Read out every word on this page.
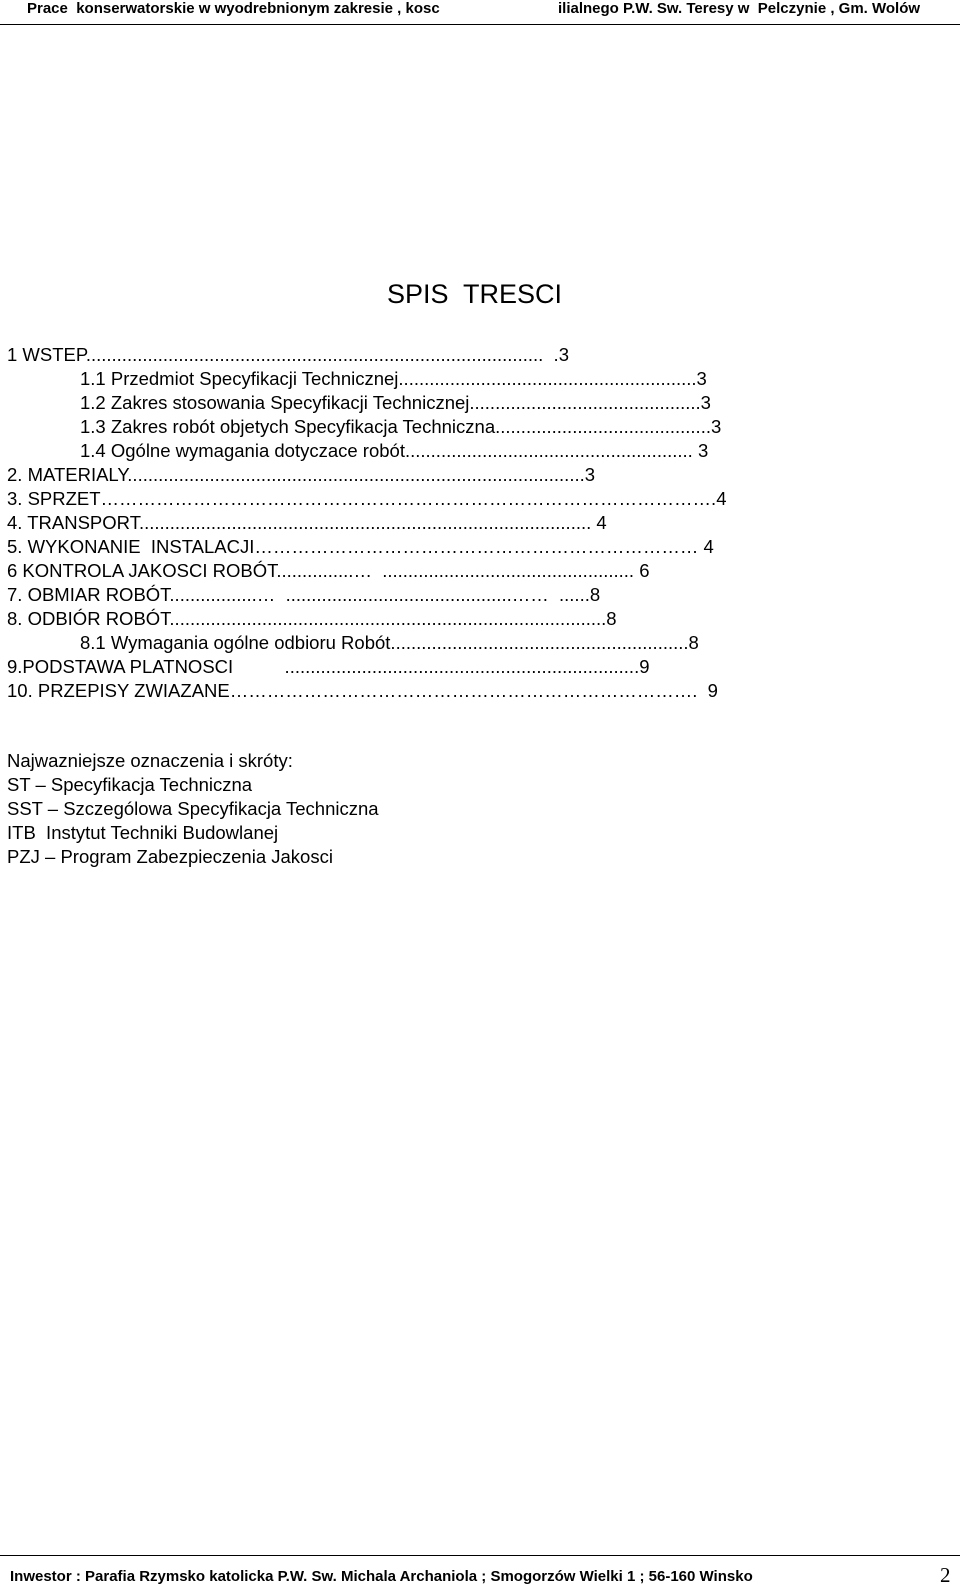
Prace  konserwatorskie w wyodrebnionym zakresie , kosc	ilialnego P.W. Sw. Teresy w  Pelczynie , Gm. Wolów
SPIS  TRESCI
1 WSTEP.........................................................................................  .3
1.1 Przedmiot Specyfikacji Technicznej..........................................................3
1.2 Zakres stosowania Specyfikacji Technicznej.............................................3
1.3 Zakres robót objetych Specyfikacja Techniczna..........................................3
1.4 Ogólne wymagania dotyczace robót........................................................ 3
2. MATERIALY.........................................................................................3
3. SPRZET……………………………………………………………………………………….4
4. TRANSPORT........................................................................................ 4
5. WYKONANIE  INSTALACJI……………………………………………………………… 4
6 KONTROLA JAKOSCI ROBÓT...............…  ................................................. 6
7. OBMIAR ROBÓT.................…  ............................................……  ......8
8. ODBIÓR ROBÓT.....................................................................................8
8.1 Wymagania ogólne odbioru Robót..........................................................8
9.PODSTAWA PLATNOSCI          .....................................................................9
10. PRZEPISY ZWIAZANE………………………………………………………………….  9
Najwazniejsze oznaczenia i skróty:
ST – Specyfikacja Techniczna
SST – Szczególowa Specyfikacja Techniczna
ITB  Instytut Techniki Budowlanej
PZJ – Program Zabezpieczenia Jakosci
Inwestor : Parafia Rzymsko katolicka P.W. Sw. Michala Archaniola ; Smogorzów Wielki 1 ; 56-160 Winsko	2
